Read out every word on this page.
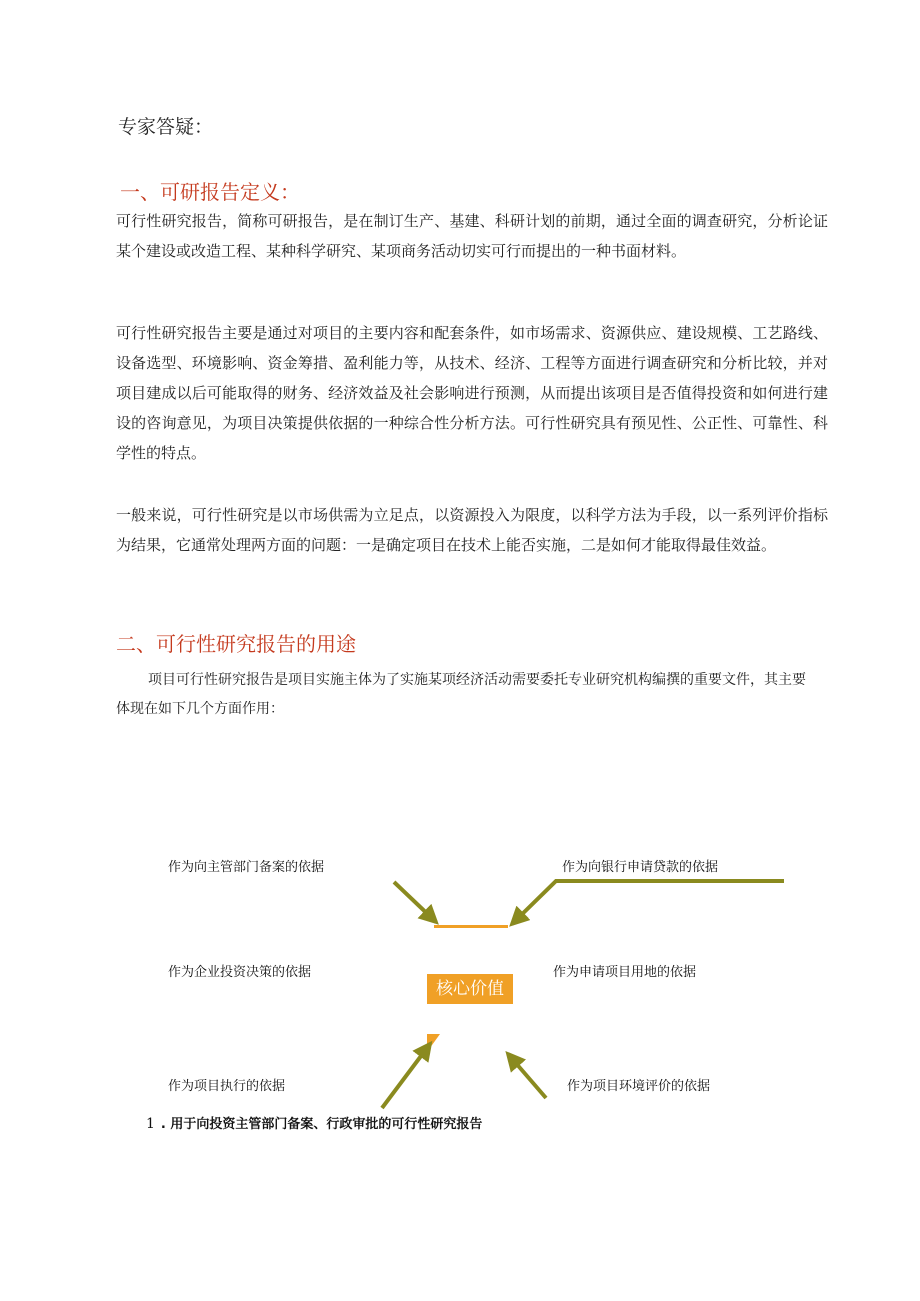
专家答疑：
一、可研报告定义：
可行性研究报告，简称可研报告，是在制订生产、基建、科研计划的前期，通过全面的调查研究，分析论证某个建设或改造工程、某种科学研究、某项商务活动切实可行而提出的一种书面材料。
可行性研究报告主要是通过对项目的主要内容和配套条件，如市场需求、资源供应、建设规模、工艺路线、设备选型、环境影响、资金筹措、盈利能力等，从技术、经济、工程等方面进行调查研究和分析比较，并对项目建成以后可能取得的财务、经济效益及社会影响进行预测，从而提出该项目是否值得投资和如何进行建设的咨询意见，为项目决策提供依据的一种综合性分析方法。可行性研究具有预见性、公正性、可靠性、科学性的特点。
一般来说，可行性研究是以市场供需为立足点，以资源投入为限度，以科学方法为手段，以一系列评价指标为结果，它通常处理两方面的问题：一是确定项目在技术上能否实施，二是如何才能取得最佳效益。
二、可行性研究报告的用途
项目可行性研究报告是项目实施主体为了实施某项经济活动需要委托专业研究机构编撰的重要文件，其主要体现在如下几个方面作用：
作为向主管部门备案的依据	作为向银行申请贷款的依据
作为企业投资决策的依据	作为申请项目用地的依据
作为项目执行的依据	作为项目环境评价的依据
核心价值
1 . 用于向投资主管部门备案、行政审批的可行性研究报告
